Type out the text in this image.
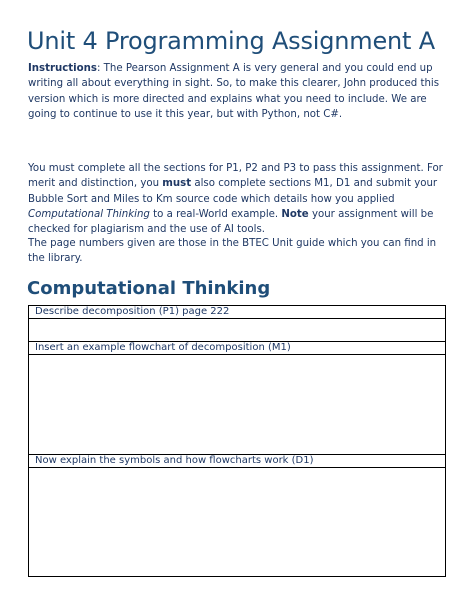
Unit 4 Programming Assignment A

Instructions: The Pearson Assignment A is very general and you could end up writing all about everything in sight. So, to make this clearer, John produced this version which is more directed and explains what you need to include. We are going to continue to use it this year, but with Python, not C#.

You must complete all the sections for P1, P2 and P3 to pass this assignment. For merit and distinction, you must also complete sections M1, D1 and submit your Bubble Sort and Miles to Km source code which details how you applied Computational Thinking to a real-World example. Note your assignment will be checked for plagiarism and the use of AI tools.

The page numbers given are those in the BTEC Unit guide which you can find in the library.

Computational Thinking
Describe decomposition (P1) page 222

Insert an example flowchart of decomposition (M1)

Now explain the symbols and how flowcharts work (D1)
